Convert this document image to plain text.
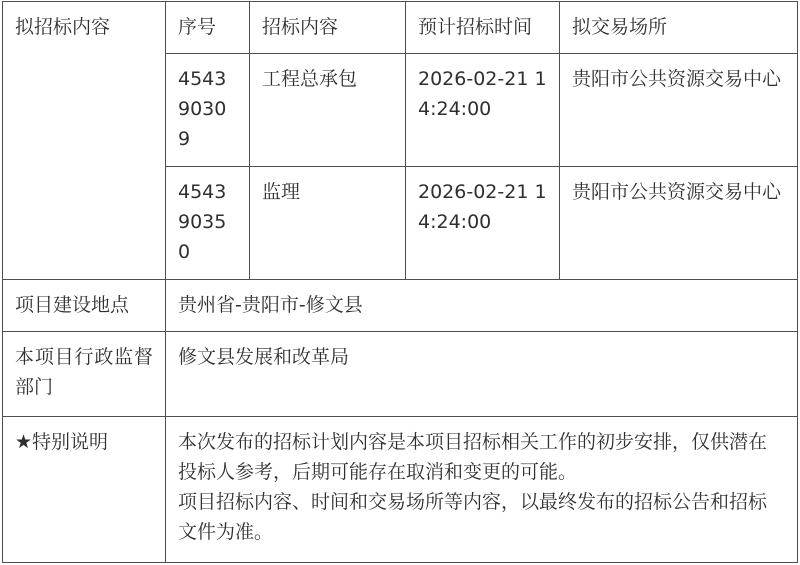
拟招标内容	序号	招标内容	预计招标时间	拟交易场所
	454390309	工程总承包	2026-02-21 14:24:00	贵阳市公共资源交易中心
	454390350	监理	2026-02-21 14:24:00	贵阳市公共资源交易中心
项目建设地点	贵州省-贵阳市-修文县			
本项目行政监督部门	修文县发展和改革局			
★特别说明	本次发布的招标计划内容是本项目招标相关工作的初步安排，仅供潜在投标人参考，后期可能存在取消和变更的可能。

项目招标内容、时间和交易场所等内容，以最终发布的招标公告和招标文件为准。			
